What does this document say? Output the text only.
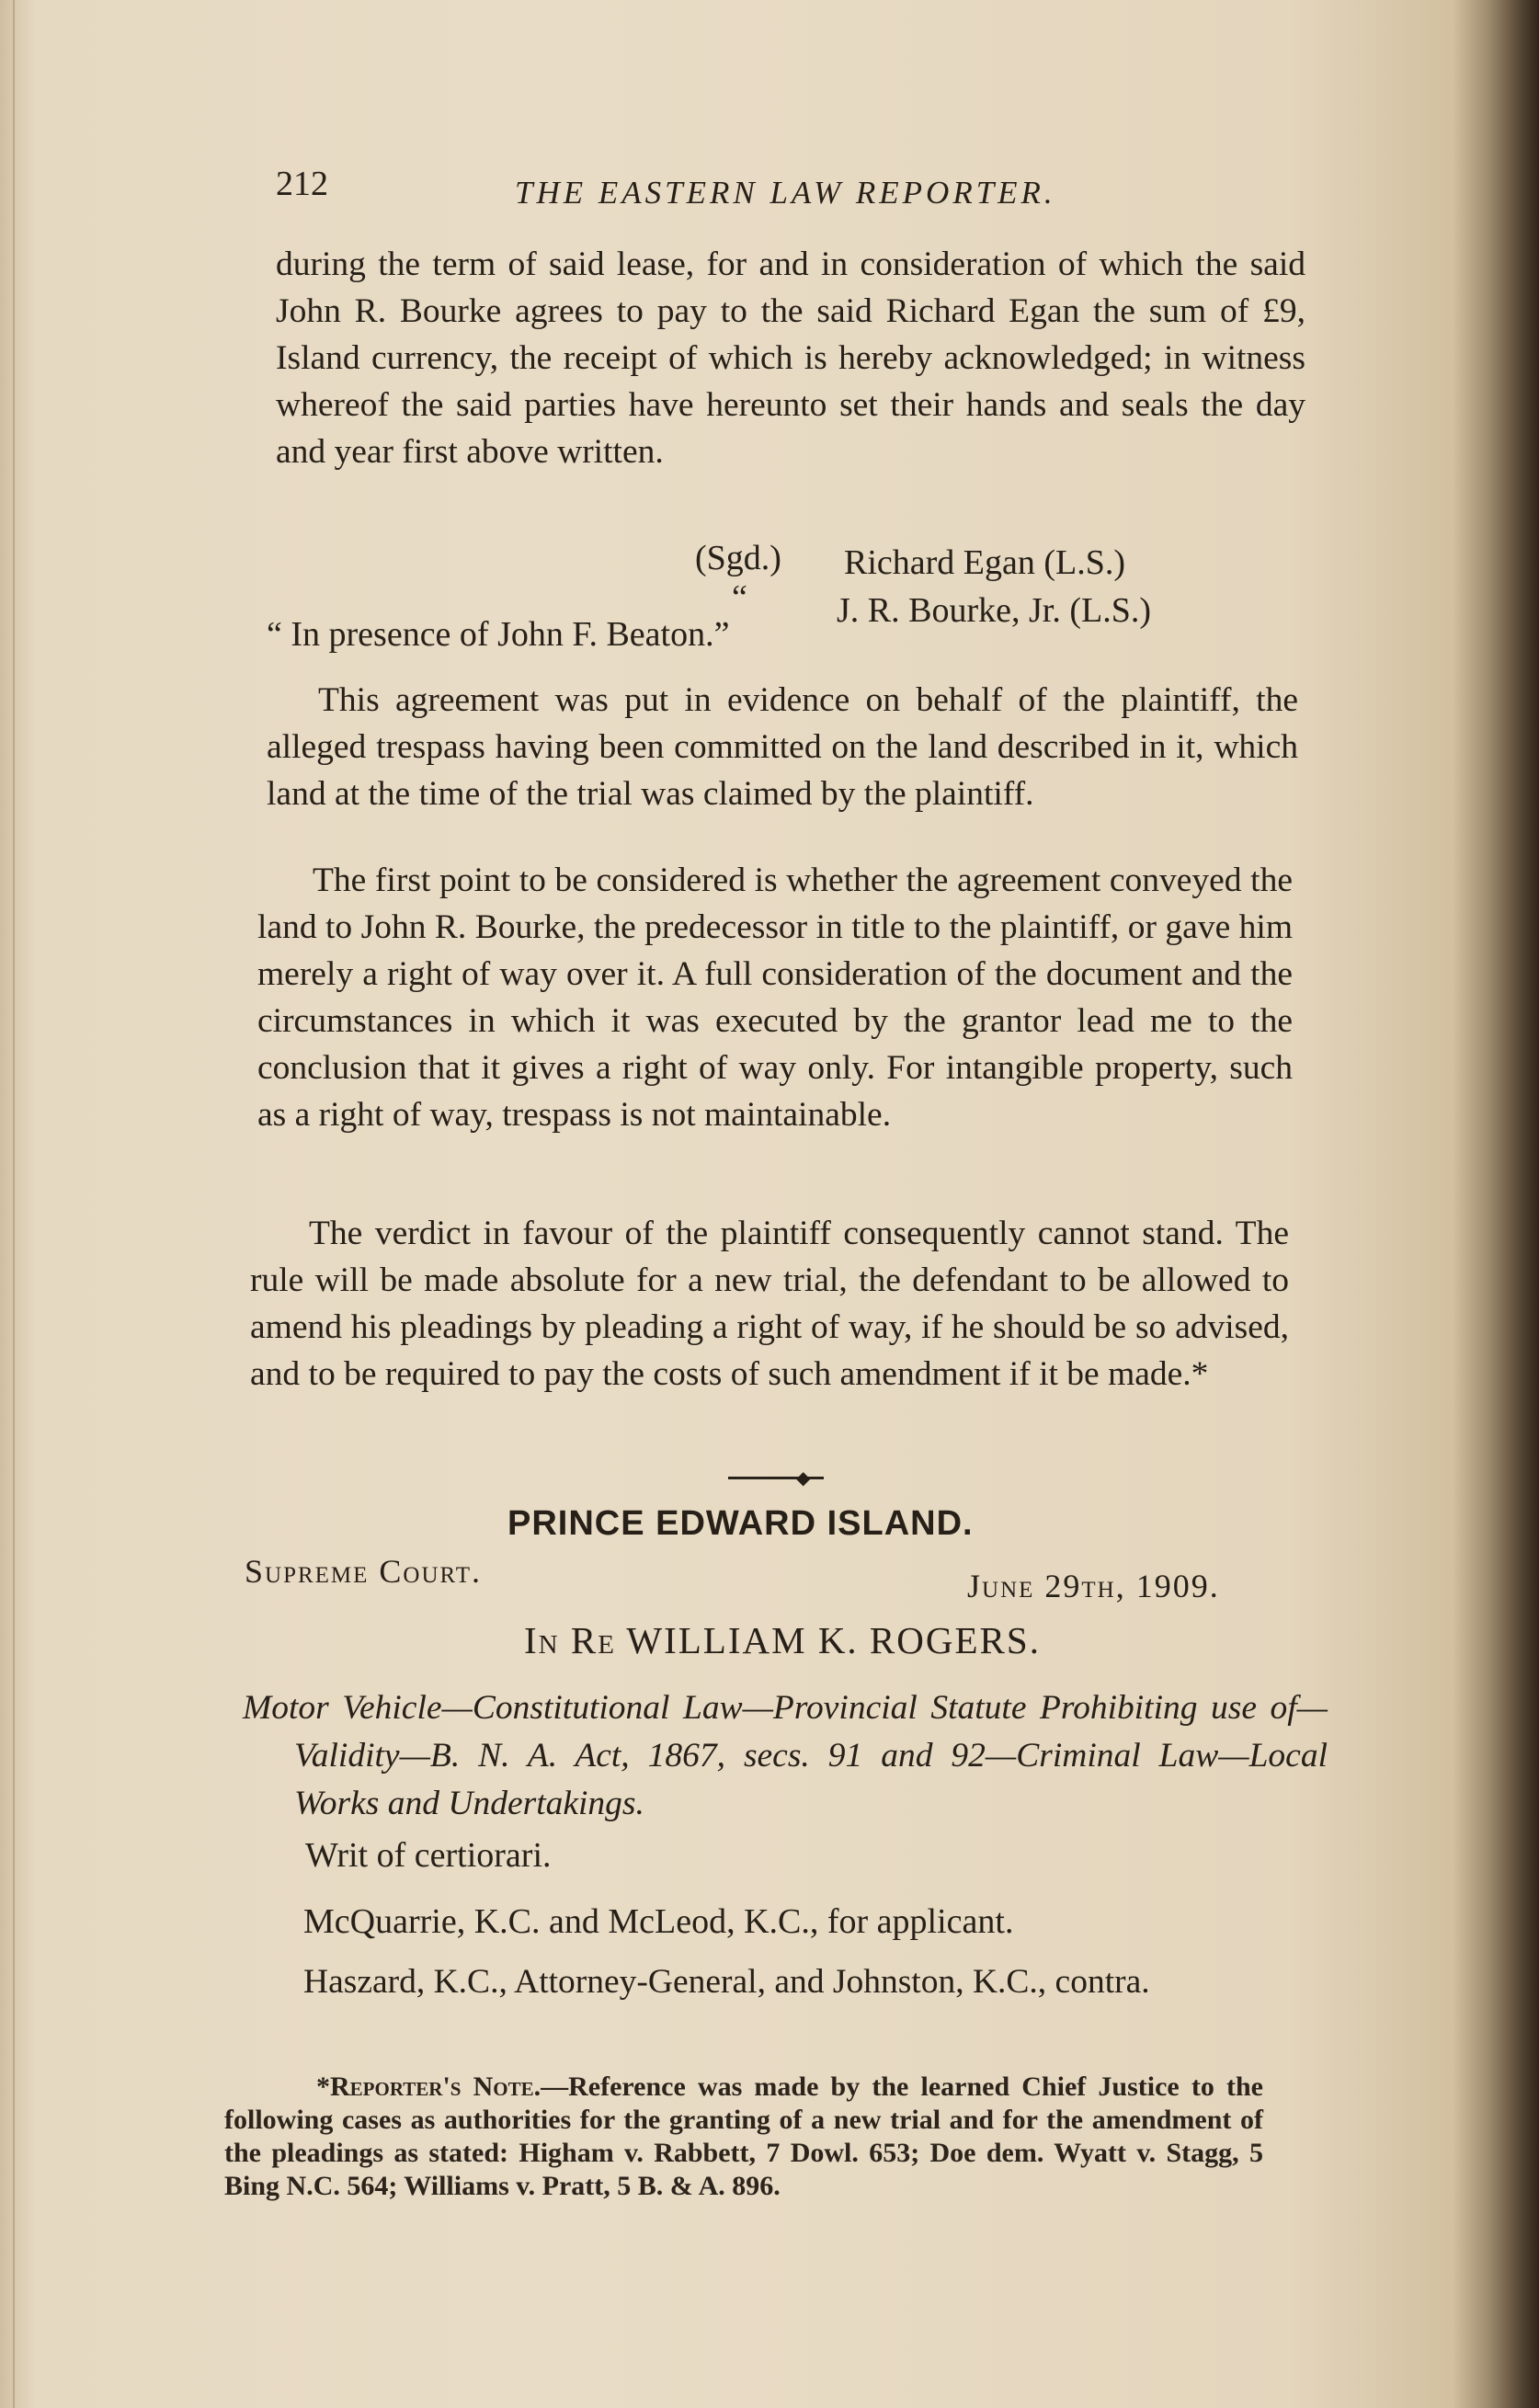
212	THE EASTERN LAW REPORTER.
during the term of said lease, for and in consideration of which the said John R. Bourke agrees to pay to the said Richard Egan the sum of £9, Island currency, the receipt of which is hereby acknowledged; in witness whereof the said parties have hereunto set their hands and seals the day and year first above written.
(Sgd.) Richard Egan (L.S.)
“	J. R. Bourke, Jr. (L.S.)
“ In presence of John F. Beaton.”
This agreement was put in evidence on behalf of the plaintiff, the alleged trespass having been committed on the land described in it, which land at the time of the trial was claimed by the plaintiff.
The first point to be considered is whether the agreement conveyed the land to John R. Bourke, the predecessor in title to the plaintiff, or gave him merely a right of way over it. A full consideration of the document and the circumstances in which it was executed by the grantor lead me to the conclusion that it gives a right of way only. For intangible property, such as a right of way, trespass is not maintainable.
The verdict in favour of the plaintiff consequently cannot stand. The rule will be made absolute for a new trial, the defendant to be allowed to amend his pleadings by pleading a right of way, if he should be so advised, and to be required to pay the costs of such amendment if it be made.*
◆
PRINCE EDWARD ISLAND.
Supreme Court.	June 29th, 1909.
In Re WILLIAM K. ROGERS.
Motor Vehicle—Constitutional Law—Provincial Statute Prohibiting use of—Validity—B. N. A. Act, 1867, secs. 91 and 92—Criminal Law—Local Works and Undertakings.
Writ of certiorari.
McQuarrie, K.C. and McLeod, K.C., for applicant.
Haszard, K.C., Attorney-General, and Johnston, K.C., contra.
*Reporter's Note.—Reference was made by the learned Chief Justice to the following cases as authorities for the granting of a new trial and for the amendment of the pleadings as stated: Higham v. Rabbett, 7 Dowl. 653; Doe dem. Wyatt v. Stagg, 5 Bing N.C. 564; Williams v. Pratt, 5 B. & A. 896.
